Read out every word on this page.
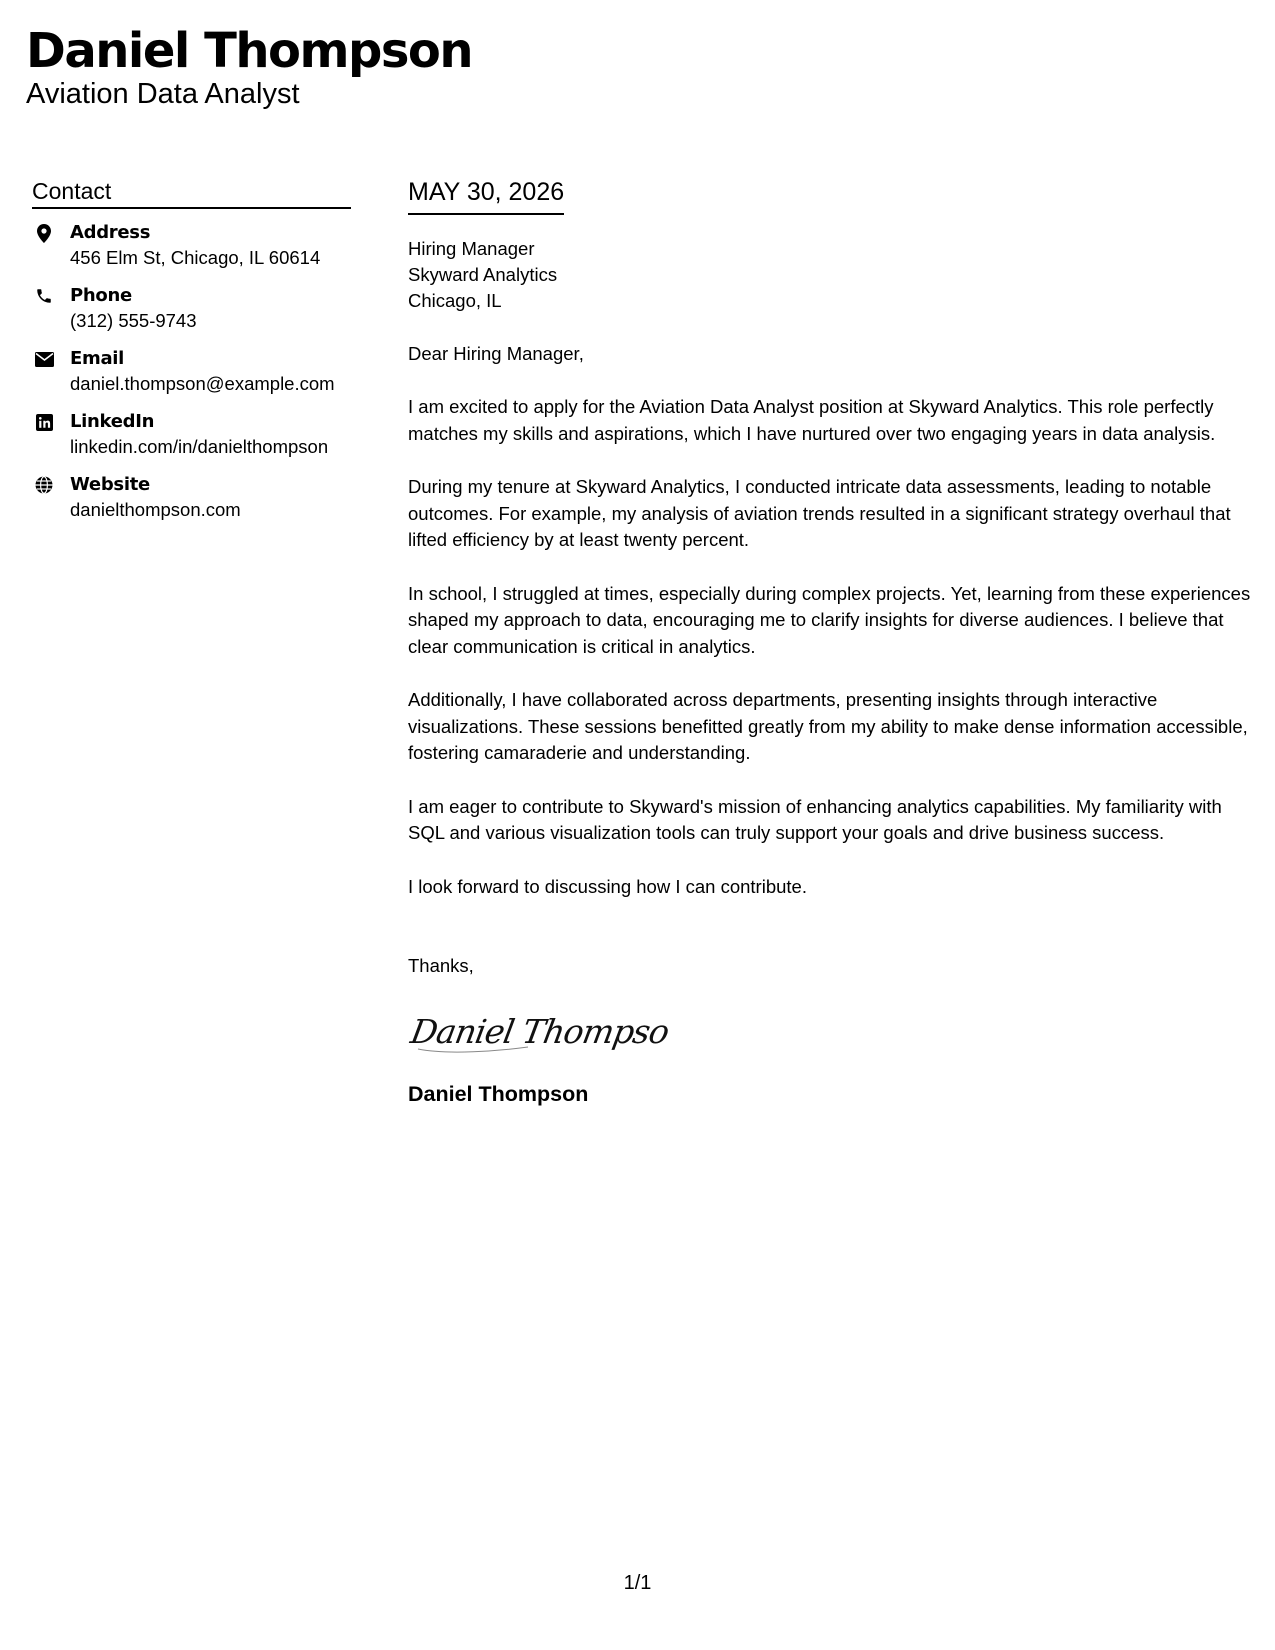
Daniel Thompson
Aviation Data Analyst
Contact
Address
456 Elm St, Chicago, IL 60614
Phone
(312) 555-9743
Email
daniel.thompson@example.com
LinkedIn
linkedin.com/in/danielthompson
Website
danielthompson.com
MAY 30, 2026
Hiring Manager
Skyward Analytics
Chicago, IL
Dear Hiring Manager,
I am excited to apply for the Aviation Data Analyst position at Skyward Analytics. This role perfectly matches my skills and aspirations, which I have nurtured over two engaging years in data analysis.
During my tenure at Skyward Analytics, I conducted intricate data assessments, leading to notable outcomes. For example, my analysis of aviation trends resulted in a significant strategy overhaul that lifted efficiency by at least twenty percent.
In school, I struggled at times, especially during complex projects. Yet, learning from these experiences shaped my approach to data, encouraging me to clarify insights for diverse audiences. I believe that clear communication is critical in analytics.
Additionally, I have collaborated across departments, presenting insights through interactive visualizations. These sessions benefitted greatly from my ability to make dense information accessible, fostering camaraderie and understanding.
I am eager to contribute to Skyward's mission of enhancing analytics capabilities. My familiarity with SQL and various visualization tools can truly support your goals and drive business success.
I look forward to discussing how I can contribute.
Thanks,
Daniel Thompson
Daniel Thompson
1/1
